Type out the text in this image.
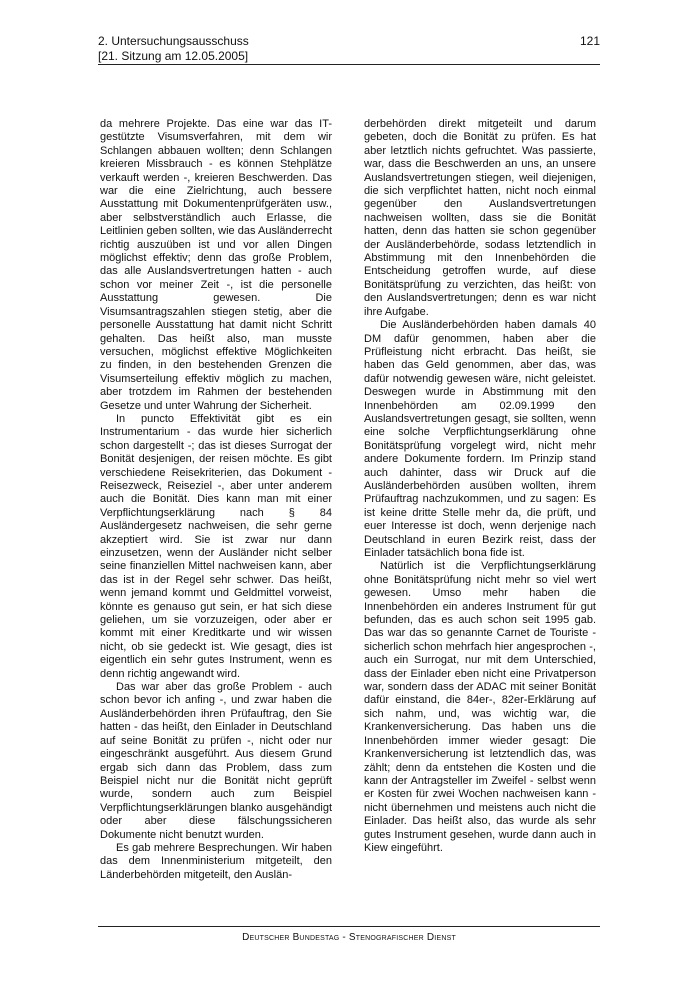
2. Untersuchungsausschuss
[21. Sitzung am 12.05.2005]
121

da mehrere Projekte. Das eine war das IT-gestützte Visumsverfahren, mit dem wir Schlangen abbauen wollten; denn Schlangen kreieren Missbrauch - es können Stehplätze verkauft werden -, kreieren Beschwerden. Das war die eine Zielrichtung, auch bessere Ausstattung mit Dokumentenprüfgeräten usw., aber selbstverständlich auch Erlasse, die Leitlinien geben sollten, wie das Ausländerrecht richtig auszuüben ist und vor allen Dingen möglichst effektiv; denn das große Problem, das alle Auslandsvertretungen hatten - auch schon vor meiner Zeit -, ist die personelle Ausstattung gewesen. Die Visumsantragszahlen stiegen stetig, aber die personelle Ausstattung hat damit nicht Schritt gehalten. Das heißt also, man musste versuchen, möglichst effektive Möglichkeiten zu finden, in den bestehenden Grenzen die Visumserteilung effektiv möglich zu machen, aber trotzdem im Rahmen der bestehenden Gesetze und unter Wahrung der Sicherheit.

In puncto Effektivität gibt es ein Instrumentarium - das wurde hier sicherlich schon dargestellt -; das ist dieses Surrogat der Bonität desjenigen, der reisen möchte. Es gibt verschiedene Reisekriterien, das Dokument - Reisezweck, Reiseziel -, aber unter anderem auch die Bonität. Dies kann man mit einer Verpflichtungserklärung nach § 84 Ausländergesetz nachweisen, die sehr gerne akzeptiert wird. Sie ist zwar nur dann einzusetzen, wenn der Ausländer nicht selber seine finanziellen Mittel nachweisen kann, aber das ist in der Regel sehr schwer. Das heißt, wenn jemand kommt und Geldmittel vorweist, könnte es genauso gut sein, er hat sich diese geliehen, um sie vorzuzeigen, oder aber er kommt mit einer Kreditkarte und wir wissen nicht, ob sie gedeckt ist. Wie gesagt, dies ist eigentlich ein sehr gutes Instrument, wenn es denn richtig angewandt wird.

Das war aber das große Problem - auch schon bevor ich anfing -, und zwar haben die Ausländerbehörden ihren Prüfauftrag, den Sie hatten - das heißt, den Einlader in Deutschland auf seine Bonität zu prüfen -, nicht oder nur eingeschränkt ausgeführt. Aus diesem Grund ergab sich dann das Problem, dass zum Beispiel nicht nur die Bonität nicht geprüft wurde, sondern auch zum Beispiel Verpflichtungserklärungen blanko ausgehändigt oder aber diese fälschungssicheren Dokumente nicht benutzt wurden.

Es gab mehrere Besprechungen. Wir haben das dem Innenministerium mitgeteilt, den Länderbehörden mitgeteilt, den Auslän-

derbehörden direkt mitgeteilt und darum gebeten, doch die Bonität zu prüfen. Es hat aber letztlich nichts gefruchtet. Was passierte, war, dass die Beschwerden an uns, an unsere Auslandsvertretungen stiegen, weil diejenigen, die sich verpflichtet hatten, nicht noch einmal gegenüber den Auslandsvertretungen nachweisen wollten, dass sie die Bonität hatten, denn das hatten sie schon gegenüber der Ausländerbehörde, sodass letztendlich in Abstimmung mit den Innenbehörden die Entscheidung getroffen wurde, auf diese Bonitätsprüfung zu verzichten, das heißt: von den Auslandsvertretungen; denn es war nicht ihre Aufgabe.

Die Ausländerbehörden haben damals 40 DM dafür genommen, haben aber die Prüfleistung nicht erbracht. Das heißt, sie haben das Geld genommen, aber das, was dafür notwendig gewesen wäre, nicht geleistet. Deswegen wurde in Abstimmung mit den Innenbehörden am 02.09.1999 den Auslandsvertretungen gesagt, sie sollten, wenn eine solche Verpflichtungserklärung ohne Bonitätsprüfung vorgelegt wird, nicht mehr andere Dokumente fordern. Im Prinzip stand auch dahinter, dass wir Druck auf die Ausländerbehörden ausüben wollten, ihrem Prüfauftrag nachzukommen, und zu sagen: Es ist keine dritte Stelle mehr da, die prüft, und euer Interesse ist doch, wenn derjenige nach Deutschland in euren Bezirk reist, dass der Einlader tatsächlich bona fide ist.

Natürlich ist die Verpflichtungserklärung ohne Bonitätsprüfung nicht mehr so viel wert gewesen. Umso mehr haben die Innenbehörden ein anderes Instrument für gut befunden, das es auch schon seit 1995 gab. Das war das so genannte Carnet de Touriste - sicherlich schon mehrfach hier angesprochen -, auch ein Surrogat, nur mit dem Unterschied, dass der Einlader eben nicht eine Privatperson war, sondern dass der ADAC mit seiner Bonität dafür einstand, die 84er-, 82er-Erklärung auf sich nahm, und, was wichtig war, die Krankenversicherung. Das haben uns die Innenbehörden immer wieder gesagt: Die Krankenversicherung ist letztendlich das, was zählt; denn da entstehen die Kosten und die kann der Antragsteller im Zweifel - selbst wenn er Kosten für zwei Wochen nachweisen kann - nicht übernehmen und meistens auch nicht die Einlader. Das heißt also, das wurde als sehr gutes Instrument gesehen, wurde dann auch in Kiew eingeführt.

Deutscher Bundestag - Stenografischer Dienst
